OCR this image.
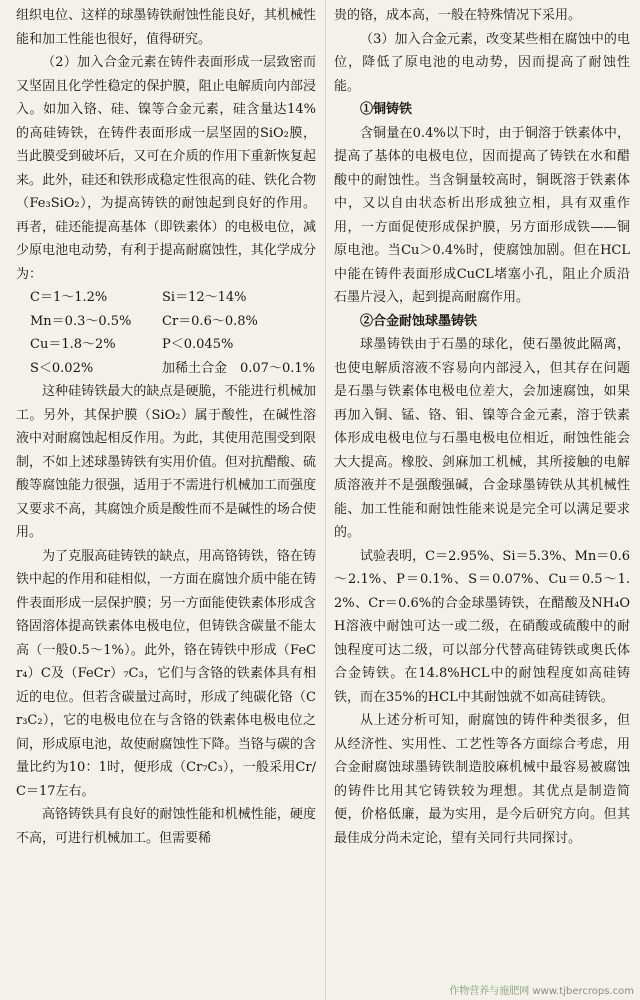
组织电位、这样的球墨铸铁耐蚀性能良好，其机械性能和加工性能也很好，值得研究。

（2）加入合金元素在铸件表面形成一层致密而又坚固且化学性稳定的保护膜，阻止电解质向内部浸入。如加入铬、硅、镍等合金元素，硅含量达14%的高硅铸铁，在铸件表面形成一层坚固的SiO₂膜，当此膜受到破坏后，又可在介质的作用下重新恢复起来。此外，硅还和铁形成稳定性很高的硅、铁化合物（Fe₃SiO₂），为提高铸铁的耐蚀起到良好的作用。再者，硅还能提高基体（即铁素体）的电极电位，减少原电池电动势，有利于提高耐腐蚀性，其化学成分为：

C＝1～1.2%	Si＝12～14%
Mn＝0.3～0.5% Cr＝0.6～0.8%
Cu＝1.8～2%	P＜0.045%
S＜0.02%	加稀土合金　0.07～0.1%

这种硅铸铁最大的缺点是硬脆，不能进行机械加工。另外，其保护膜（SiO₂）属于酸性，在碱性溶液中对耐腐蚀起相反作用。为此，其使用范围受到限制，不如上述球墨铸铁有实用价值。但对抗醋酸、硫酸等腐蚀能力很强，适用于不需进行机械加工而强度又要求不高，其腐蚀介质是酸性而不是碱性的场合使用。

为了克服高硅铸铁的缺点，用高铬铸铁，铬在铸铁中起的作用和硅相似，一方面在腐蚀介质中能在铸件表面形成一层保护膜；另一方面能使铁素体形成含铬固溶体提高铁素体电极电位，但铸铁含碳量不能太高（一般0.5～1%）。此外，铬在铸铁中形成（FeCr₄）C及（FeCr）₇C₃，它们与含铬的铁素体具有相近的电位。但若含碳量过高时，形成了纯碳化铬（Cr₃C₂），它的电极电位在与含铬的铁素体电极电位之间，形成原电池，故使耐腐蚀性下降。当铬与碳的含量比约为10：1时，便形成（Cr₇C₃），一般采用Cr/C＝17左右。

高铬铸铁具有良好的耐蚀性能和机械性能，硬度不高，可进行机械加工。但需要稀

贵的铬，成本高，一般在特殊情况下采用。

（3）加入合金元素，改变某些相在腐蚀中的电位，降低了原电池的电动势，因而提高了耐蚀性能。

①铜铸铁

含铜量在0.4%以下时，由于铜溶于铁素体中，提高了基体的电极电位，因而提高了铸铁在水和醋酸中的耐蚀性。当含铜量较高时，铜既溶于铁素体中，又以自由状态析出形成独立相，具有双重作用，一方面促使形成保护膜，另方面形成铁——铜原电池。当Cu＞0.4%时，使腐蚀加剧。但在HCL中能在铸件表面形成CuCL堵塞小孔，阻止介质沿石墨片浸入，起到提高耐腐作用。

②合金耐蚀球墨铸铁

球墨铸铁由于石墨的球化，使石墨彼此隔离，也使电解质溶液不容易向内部浸入，但其存在问题是石墨与铁素体电极电位差大，会加速腐蚀，如果再加入铜、锰、铬、钼、镍等合金元素，溶于铁素体形成电极电位与石墨电极电位相近，耐蚀性能会大大提高。橡胶、剑麻加工机械，其所接触的电解质溶液并不是强酸强碱，合金球墨铸铁从其机械性能、加工性能和耐蚀性能来说是完全可以满足要求的。

试验表明，C＝2.95%、Si＝5.3%、Mn＝0.6～2.1%、P＝0.1%、S＝0.07%、Cu＝0.5～1.2%、Cr＝0.6%的合金球墨铸铁，在醋酸及NH₄OH溶液中耐蚀可达一或二级，在硝酸或硫酸中的耐蚀程度可达二级，可以部分代替高硅铸铁或奥氏体合金铸铁。在14.8%HCL中的耐蚀程度如高硅铸铁，而在35%的HCL中其耐蚀就不如高硅铸铁。

从上述分析可知，耐腐蚀的铸件种类很多，但从经济性、实用性、工艺性等各方面综合考虑，用合金耐腐蚀球墨铸铁制造胶麻机械中最容易被腐蚀的铸件比用其它铸铁较为理想。其优点是制造简便，价格低廉，最为实用，是今后研究方向。但其最佳成分尚未定论，望有关同行共同探讨。

作物营养与施肥网 www.tjbercrops.com
